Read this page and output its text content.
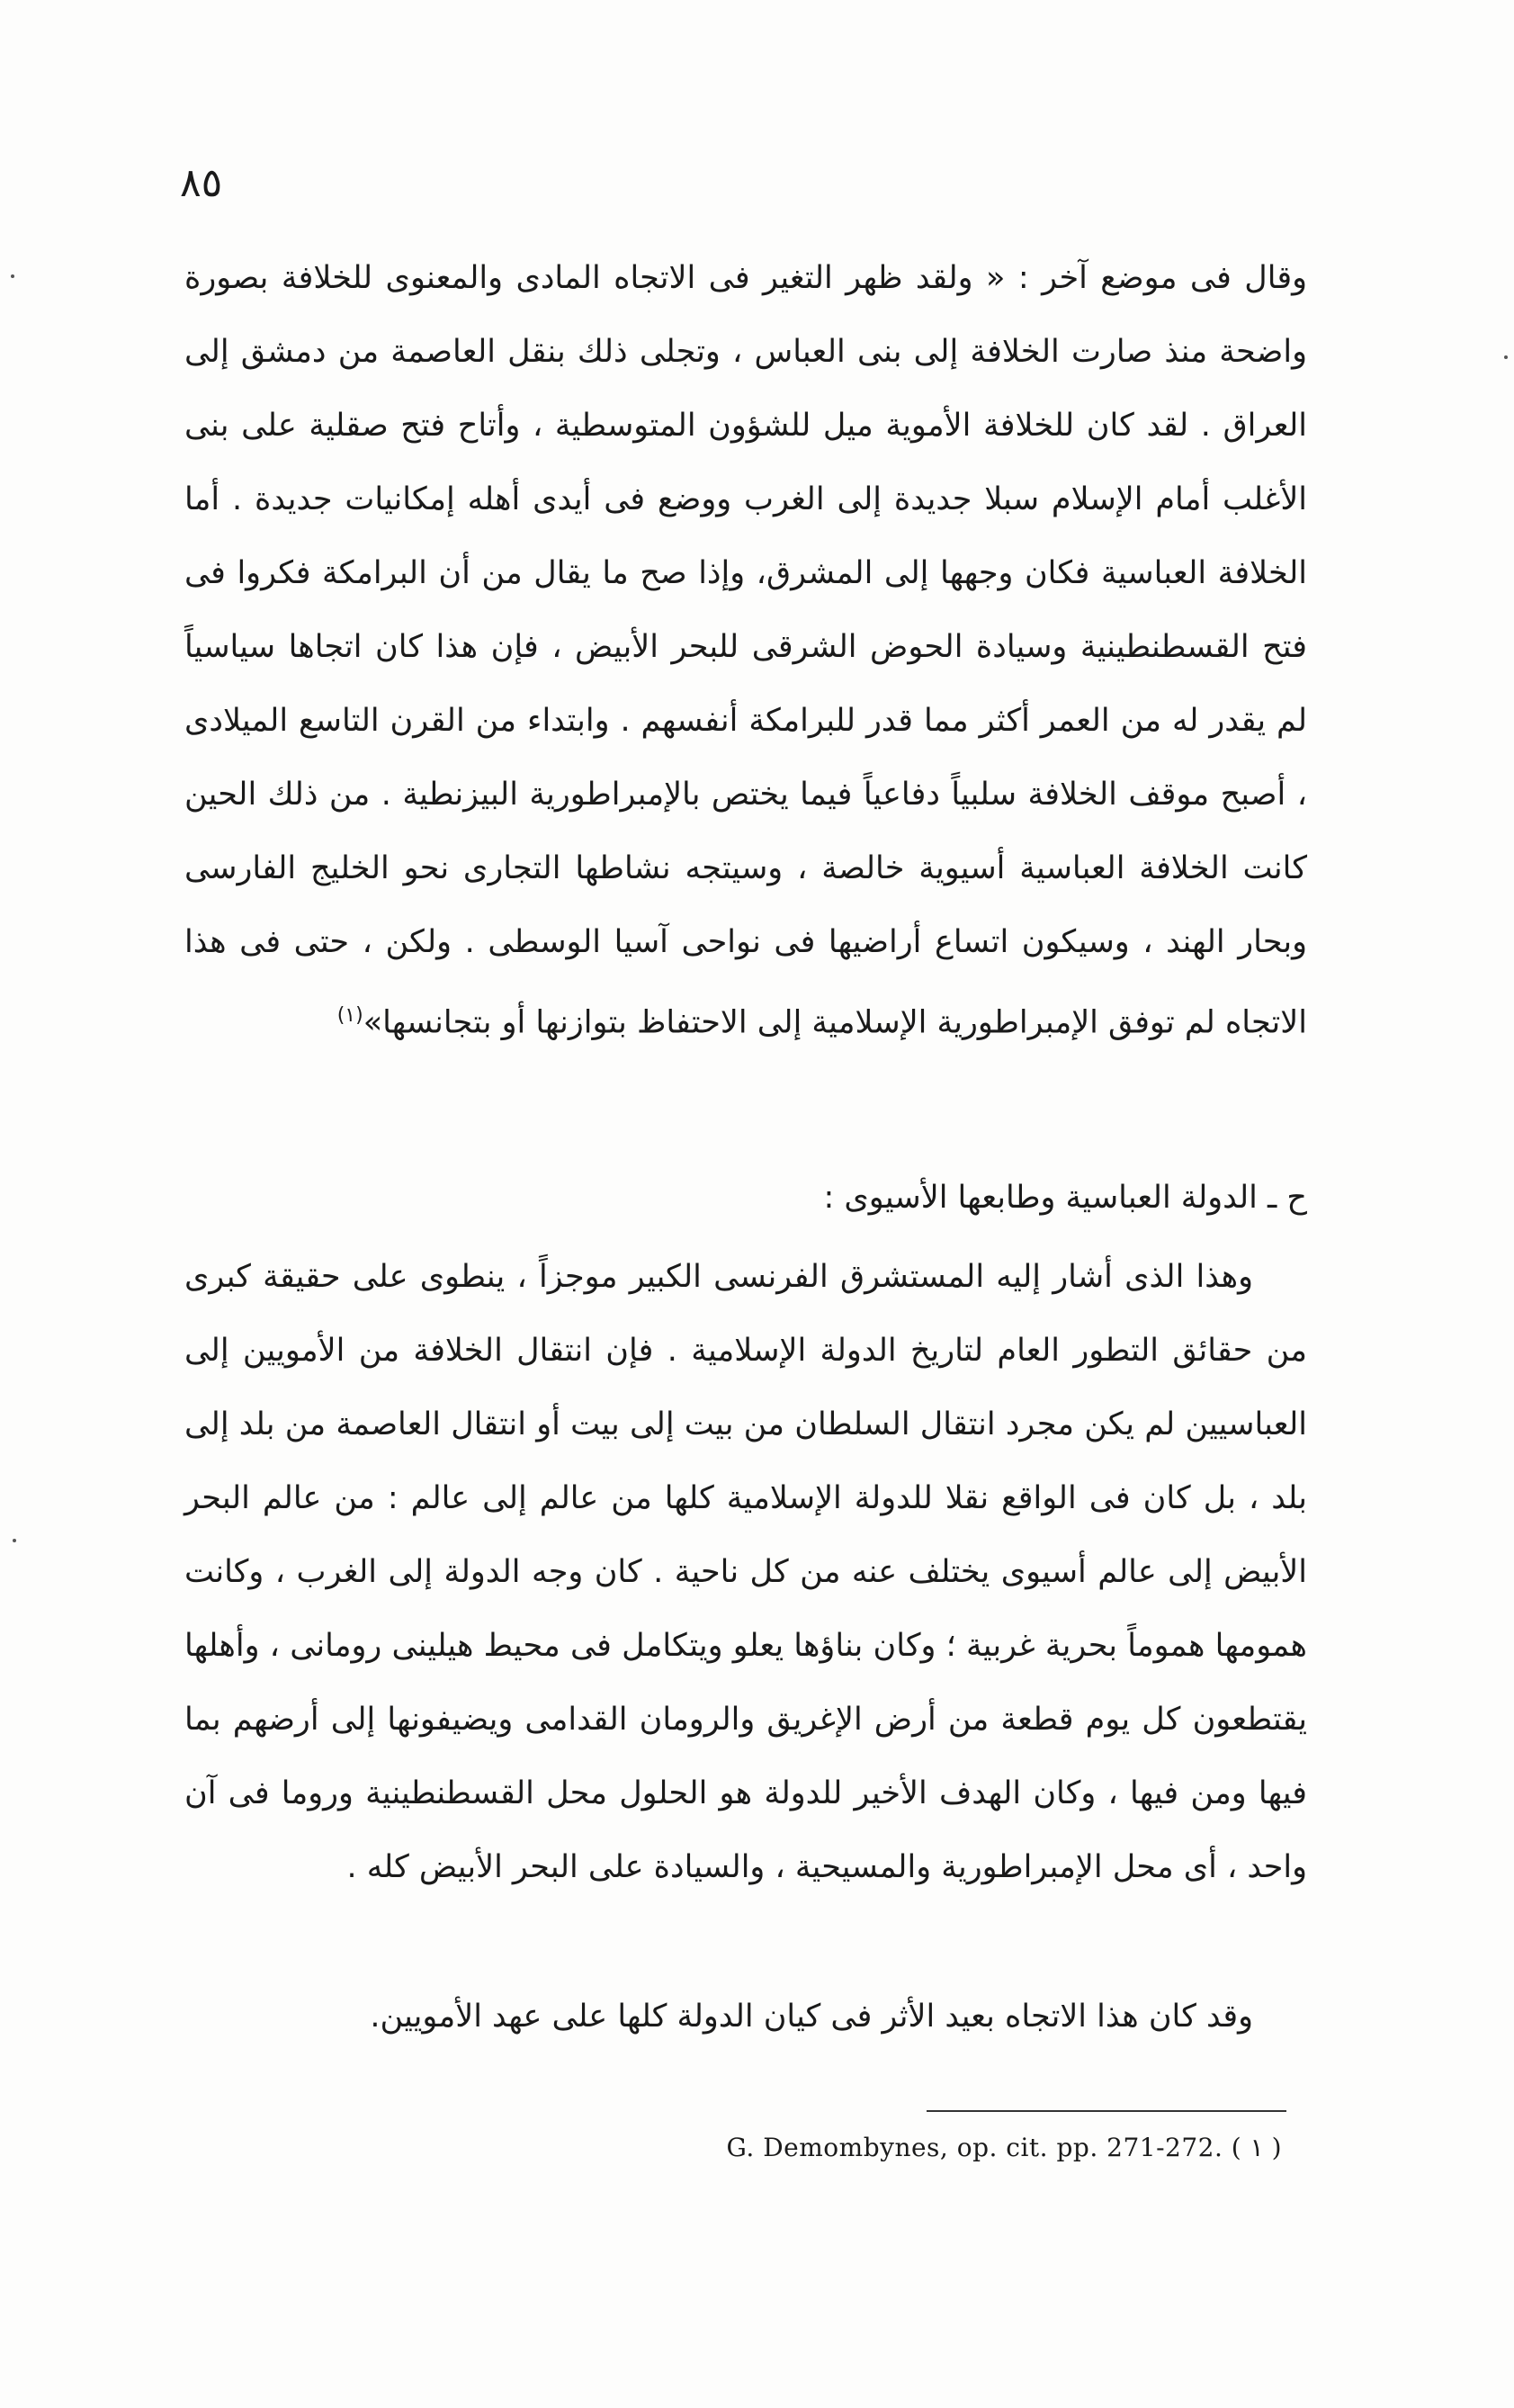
٨٥

وقال فى موضع آخر : « ولقد ظهر التغير فى الاتجاه المادى والمعنوى للخلافة بصورة واضحة منذ صارت الخلافة إلى بنى العباس ، وتجلى ذلك بنقل العاصمة من دمشق إلى العراق . لقد كان للخلافة الأموية ميل للشؤون المتوسطية ، وأتاح فتح صقلية على بنى الأغلب أمام الإسلام سبلا جديدة إلى الغرب ووضع فى أيدى أهله إمكانيات جديدة . أما الخلافة العباسية فكان وجهها إلى المشرق، وإذا صح ما يقال من أن البرامكة فكروا فى فتح القسطنطينية وسيادة الحوض الشرقى للبحر الأبيض ، فإن هذا كان اتجاها سياسياً لم يقدر له من العمر أكثر مما قدر للبرامكة أنفسهم . وابتداء من القرن التاسع الميلادى ، أصبح موقف الخلافة سلبياً دفاعياً فيما يختص بالإمبراطورية البيزنطية . من ذلك الحين كانت الخلافة العباسية أسيوية خالصة ، وسيتجه نشاطها التجارى نحو الخليج الفارسى وبحار الهند ، وسيكون اتساع أراضيها فى نواحى آسيا الوسطى . ولكن ، حتى فى هذا الاتجاه لم توفق الإمبراطورية الإسلامية إلى الاحتفاظ بتوازنها أو بتجانسها»$^{(١)}$

ح ـ الدولة العباسية وطابعها الأسيوى :

وهذا الذى أشار إليه المستشرق الفرنسى الكبير موجزاً ، ينطوى على حقيقة كبرى من حقائق التطور العام لتاريخ الدولة الإسلامية . فإن انتقال الخلافة من الأمويين إلى العباسيين لم يكن مجرد انتقال السلطان من بيت إلى بيت أو انتقال العاصمة من بلد إلى بلد ، بل كان فى الواقع نقلا للدولة الإسلامية كلها من عالم إلى عالم : من عالم البحر الأبيض إلى عالم أسيوى يختلف عنه من كل ناحية . كان وجه الدولة إلى الغرب ، وكانت همومها هموماً بحرية غربية ؛ وكان بناؤها يعلو ويتكامل فى محيط هيلينى رومانى ، وأهلها يقتطعون كل يوم قطعة من أرض الإغريق والرومان القدامى ويضيفونها إلى أرضهم بما فيها ومن فيها ، وكان الهدف الأخير للدولة هو الحلول محل القسطنطينية وروما فى آن واحد ، أى محل الإمبراطورية والمسيحية ، والسيادة على البحر الأبيض كله .

وقد كان هذا الاتجاه بعيد الأثر فى كيان الدولة كلها على عهد الأمويين.

G. Demombynes, op. cit. pp. 271-272. ( ١ )
